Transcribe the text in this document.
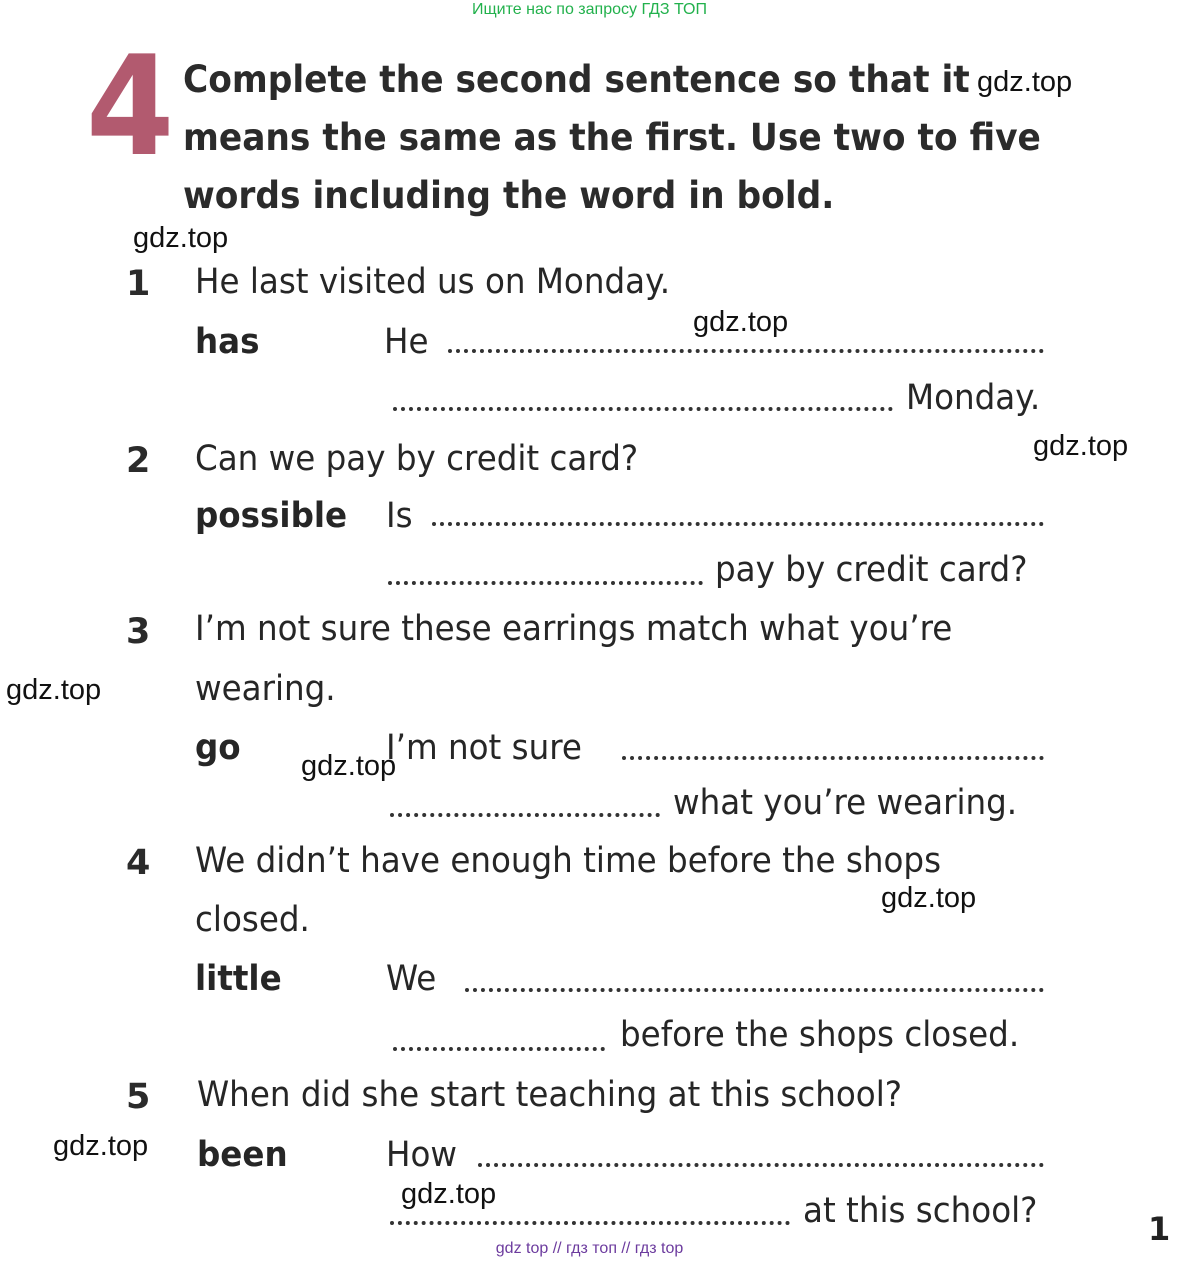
Ищите нас по запросу ГДЗ ТОП
4 Complete the second sentence so that it
means the same as the first. Use two to five
words including the word in bold.
1 He last visited us on Monday.
has	He
Monday.
2 Can we pay by credit card?
possible Is
pay by credit card?
3 I’m not sure these earrings match what you’re
wearing.
go	I’m not sure
what you’re wearing.
4 We didn’t have enough time before the shops
closed.
little	We
before the shops closed.
5 When did she start teaching at this school?
been	How
at this school?
gdz.top
gdz.top
gdz.top
gdz.top
gdz.top
gdz.top
gdz.top
gdz.top
gdz.top
1
gdz top // гдз топ // гдз top
